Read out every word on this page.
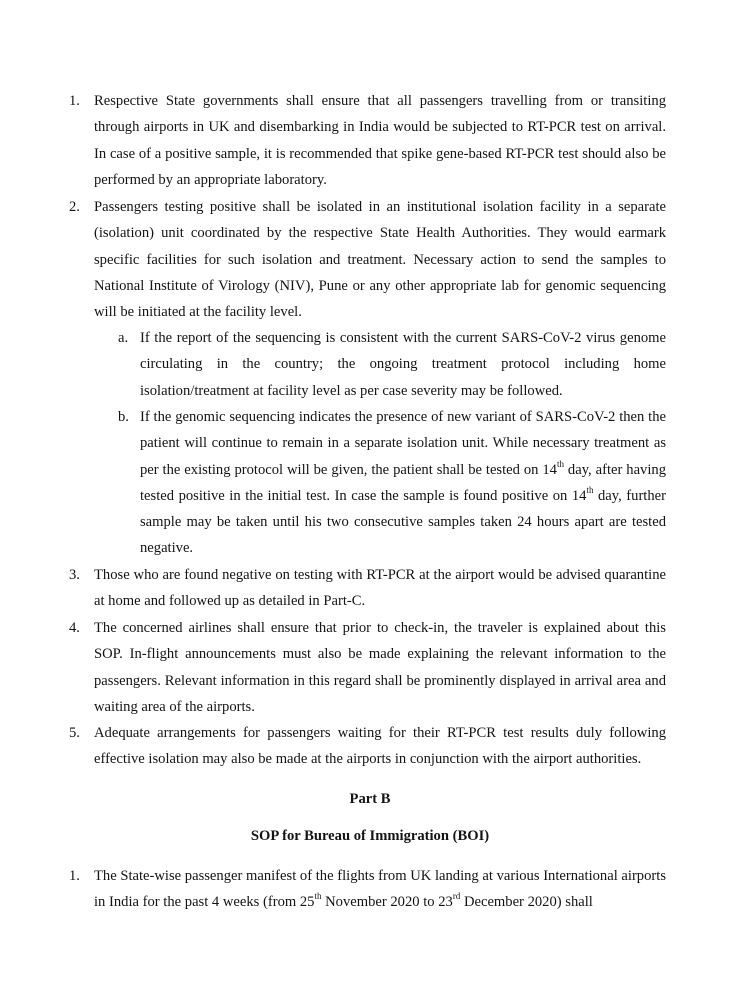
1. Respective State governments shall ensure that all passengers travelling from or transiting through airports in UK and disembarking in India would be subjected to RT-PCR test on arrival. In case of a positive sample, it is recommended that spike gene-based RT-PCR test should also be performed by an appropriate laboratory.
2. Passengers testing positive shall be isolated in an institutional isolation facility in a separate (isolation) unit coordinated by the respective State Health Authorities. They would earmark specific facilities for such isolation and treatment. Necessary action to send the samples to National Institute of Virology (NIV), Pune or any other appropriate lab for genomic sequencing will be initiated at the facility level.
a. If the report of the sequencing is consistent with the current SARS-CoV-2 virus genome circulating in the country; the ongoing treatment protocol including home isolation/treatment at facility level as per case severity may be followed.
b. If the genomic sequencing indicates the presence of new variant of SARS-CoV-2 then the patient will continue to remain in a separate isolation unit. While necessary treatment as per the existing protocol will be given, the patient shall be tested on 14th day, after having tested positive in the initial test. In case the sample is found positive on 14th day, further sample may be taken until his two consecutive samples taken 24 hours apart are tested negative.
3. Those who are found negative on testing with RT-PCR at the airport would be advised quarantine at home and followed up as detailed in Part-C.
4. The concerned airlines shall ensure that prior to check-in, the traveler is explained about this SOP. In-flight announcements must also be made explaining the relevant information to the passengers. Relevant information in this regard shall be prominently displayed in arrival area and waiting area of the airports.
5. Adequate arrangements for passengers waiting for their RT-PCR test results duly following effective isolation may also be made at the airports in conjunction with the airport authorities.
Part B
SOP for Bureau of Immigration (BOI)
1. The State-wise passenger manifest of the flights from UK landing at various International airports in India for the past 4 weeks (from 25th November 2020 to 23rd December 2020) shall
